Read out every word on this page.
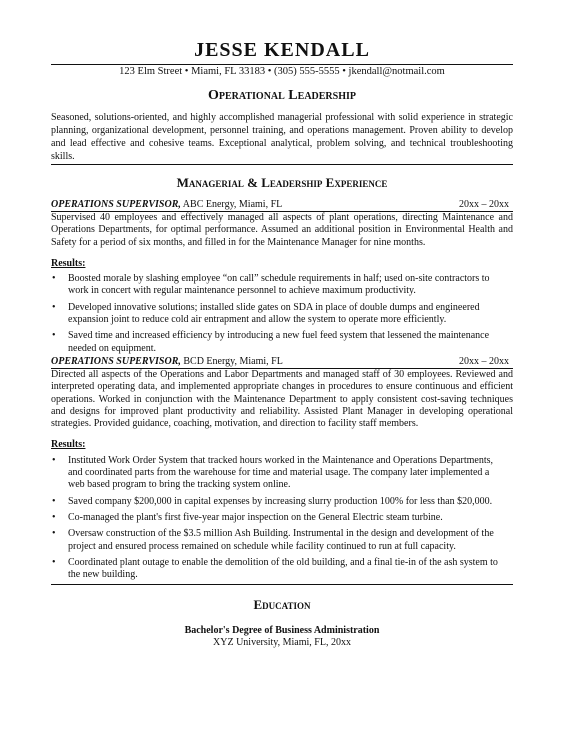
JESSE KENDALL
123 Elm Street • Miami, FL 33183 • (305) 555-5555 • jkendall@notmail.com
Operational Leadership
Seasoned, solutions-oriented, and highly accomplished managerial professional with solid experience in strategic planning, organizational development, personnel training, and operations management. Proven ability to develop and lead effective and cohesive teams. Exceptional analytical, problem solving, and technical troubleshooting skills.
Managerial & Leadership Experience
OPERATIONS SUPERVISOR, ABC Energy, Miami, FL	20xx – 20xx
Supervised 40 employees and effectively managed all aspects of plant operations, directing Maintenance and Operations Departments, for optimal performance. Assumed an additional position in Environmental Health and Safety for a period of six months, and filled in for the Maintenance Manager for nine months.
Results:
• Boosted morale by slashing employee “on call” schedule requirements in half; used on-site contractors to work in concert with regular maintenance personnel to achieve maximum productivity.
• Developed innovative solutions; installed slide gates on SDA in place of double dumps and engineered expansion joint to reduce cold air entrapment and allow the system to operate more efficiently.
• Saved time and increased efficiency by introducing a new fuel feed system that lessened the maintenance needed on equipment.
OPERATIONS SUPERVISOR, BCD Energy, Miami, FL	20xx – 20xx
Directed all aspects of the Operations and Labor Departments and managed staff of 30 employees. Reviewed and interpreted operating data, and implemented appropriate changes in procedures to ensure continuous and efficient operations. Worked in conjunction with the Maintenance Department to apply consistent cost-saving techniques and designs for improved plant productivity and reliability. Assisted Plant Manager in developing operational strategies. Provided guidance, coaching, motivation, and direction to facility staff members.
Results:
• Instituted Work Order System that tracked hours worked in the Maintenance and Operations Departments, and coordinated parts from the warehouse for time and material usage. The company later implemented a web based program to bring the tracking system online.
• Saved company $200,000 in capital expenses by increasing slurry production 100% for less than $20,000.
• Co-managed the plant's first five-year major inspection on the General Electric steam turbine.
• Oversaw construction of the $3.5 million Ash Building. Instrumental in the design and development of the project and ensured process remained on schedule while facility continued to run at full capacity.
• Coordinated plant outage to enable the demolition of the old building, and a final tie-in of the ash system to the new building.
Education
Bachelor's Degree of Business Administration
XYZ University, Miami, FL, 20xx
